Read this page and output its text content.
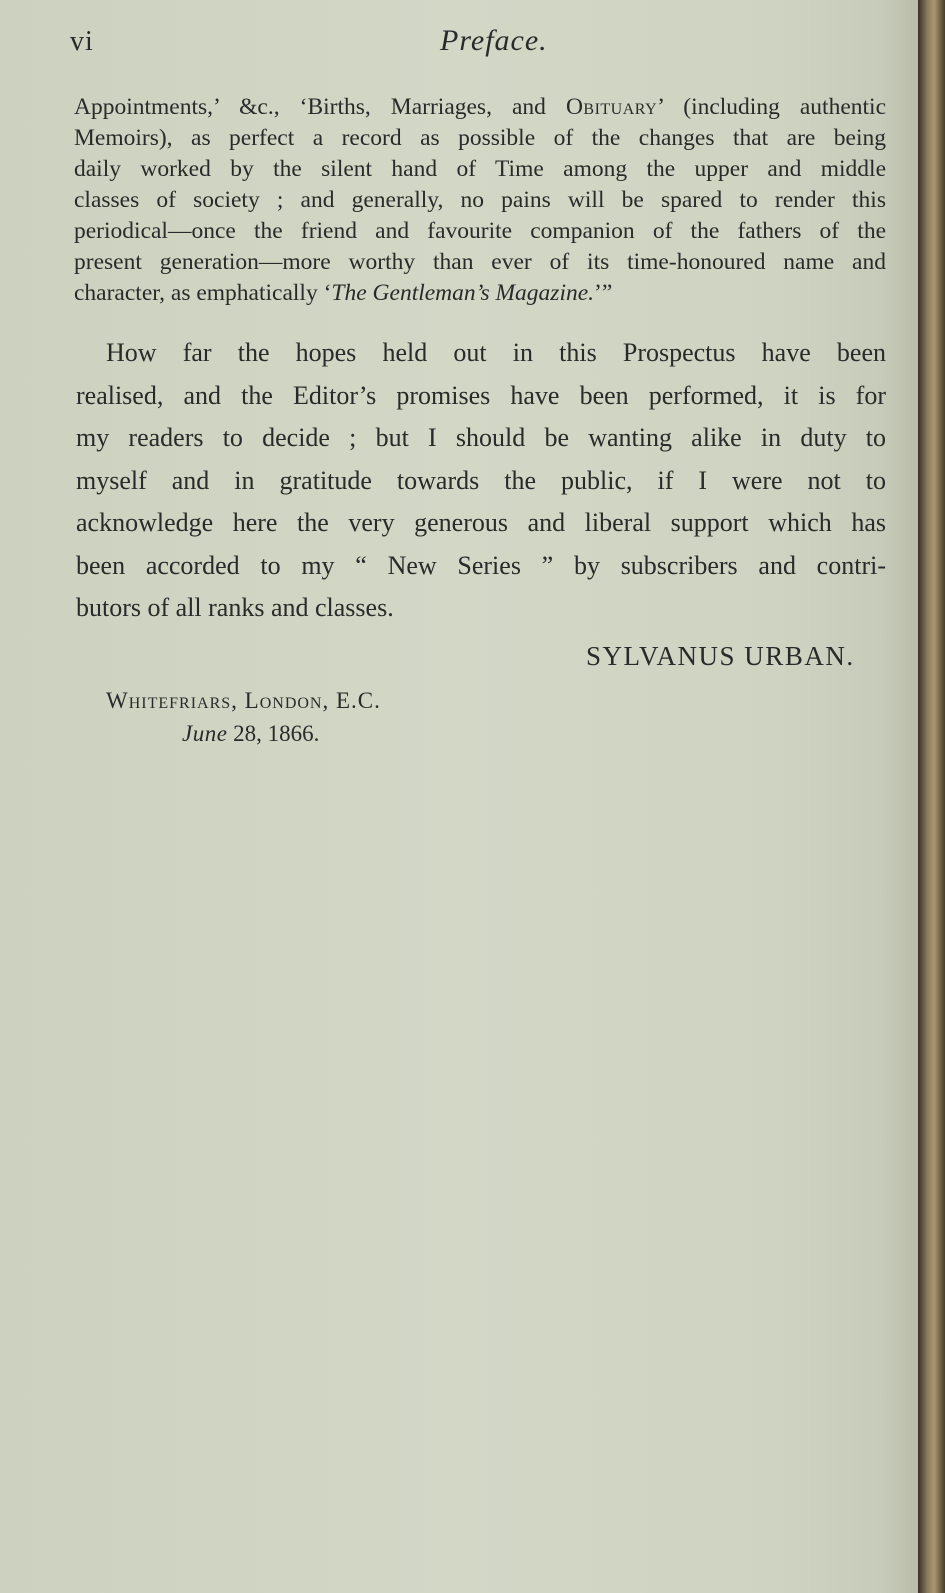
vi	Preface.
Appointments,’ &c., ‘Births, Marriages, and Obituary’ (including authentic
Memoirs), as perfect a record as possible of the changes that are being
daily worked by the silent hand of Time among the upper and middle
classes of society ; and generally, no pains will be spared to render this
periodical—once the friend and favourite companion of the fathers of the
present generation—more worthy than ever of its time-honoured name and
character, as emphatically ‘The Gentleman’s Magazine.’”
How far the hopes held out in this Prospectus have been
realised, and the Editor’s promises have been performed, it is for
my readers to decide ; but I should be wanting alike in duty to
myself and in gratitude towards the public, if I were not to
acknowledge here the very generous and liberal support which has
been accorded to my “ New Series ” by subscribers and contri-
butors of all ranks and classes.
SYLVANUS URBAN.
Whitefriars, London, E.C.
June 28, 1866.
